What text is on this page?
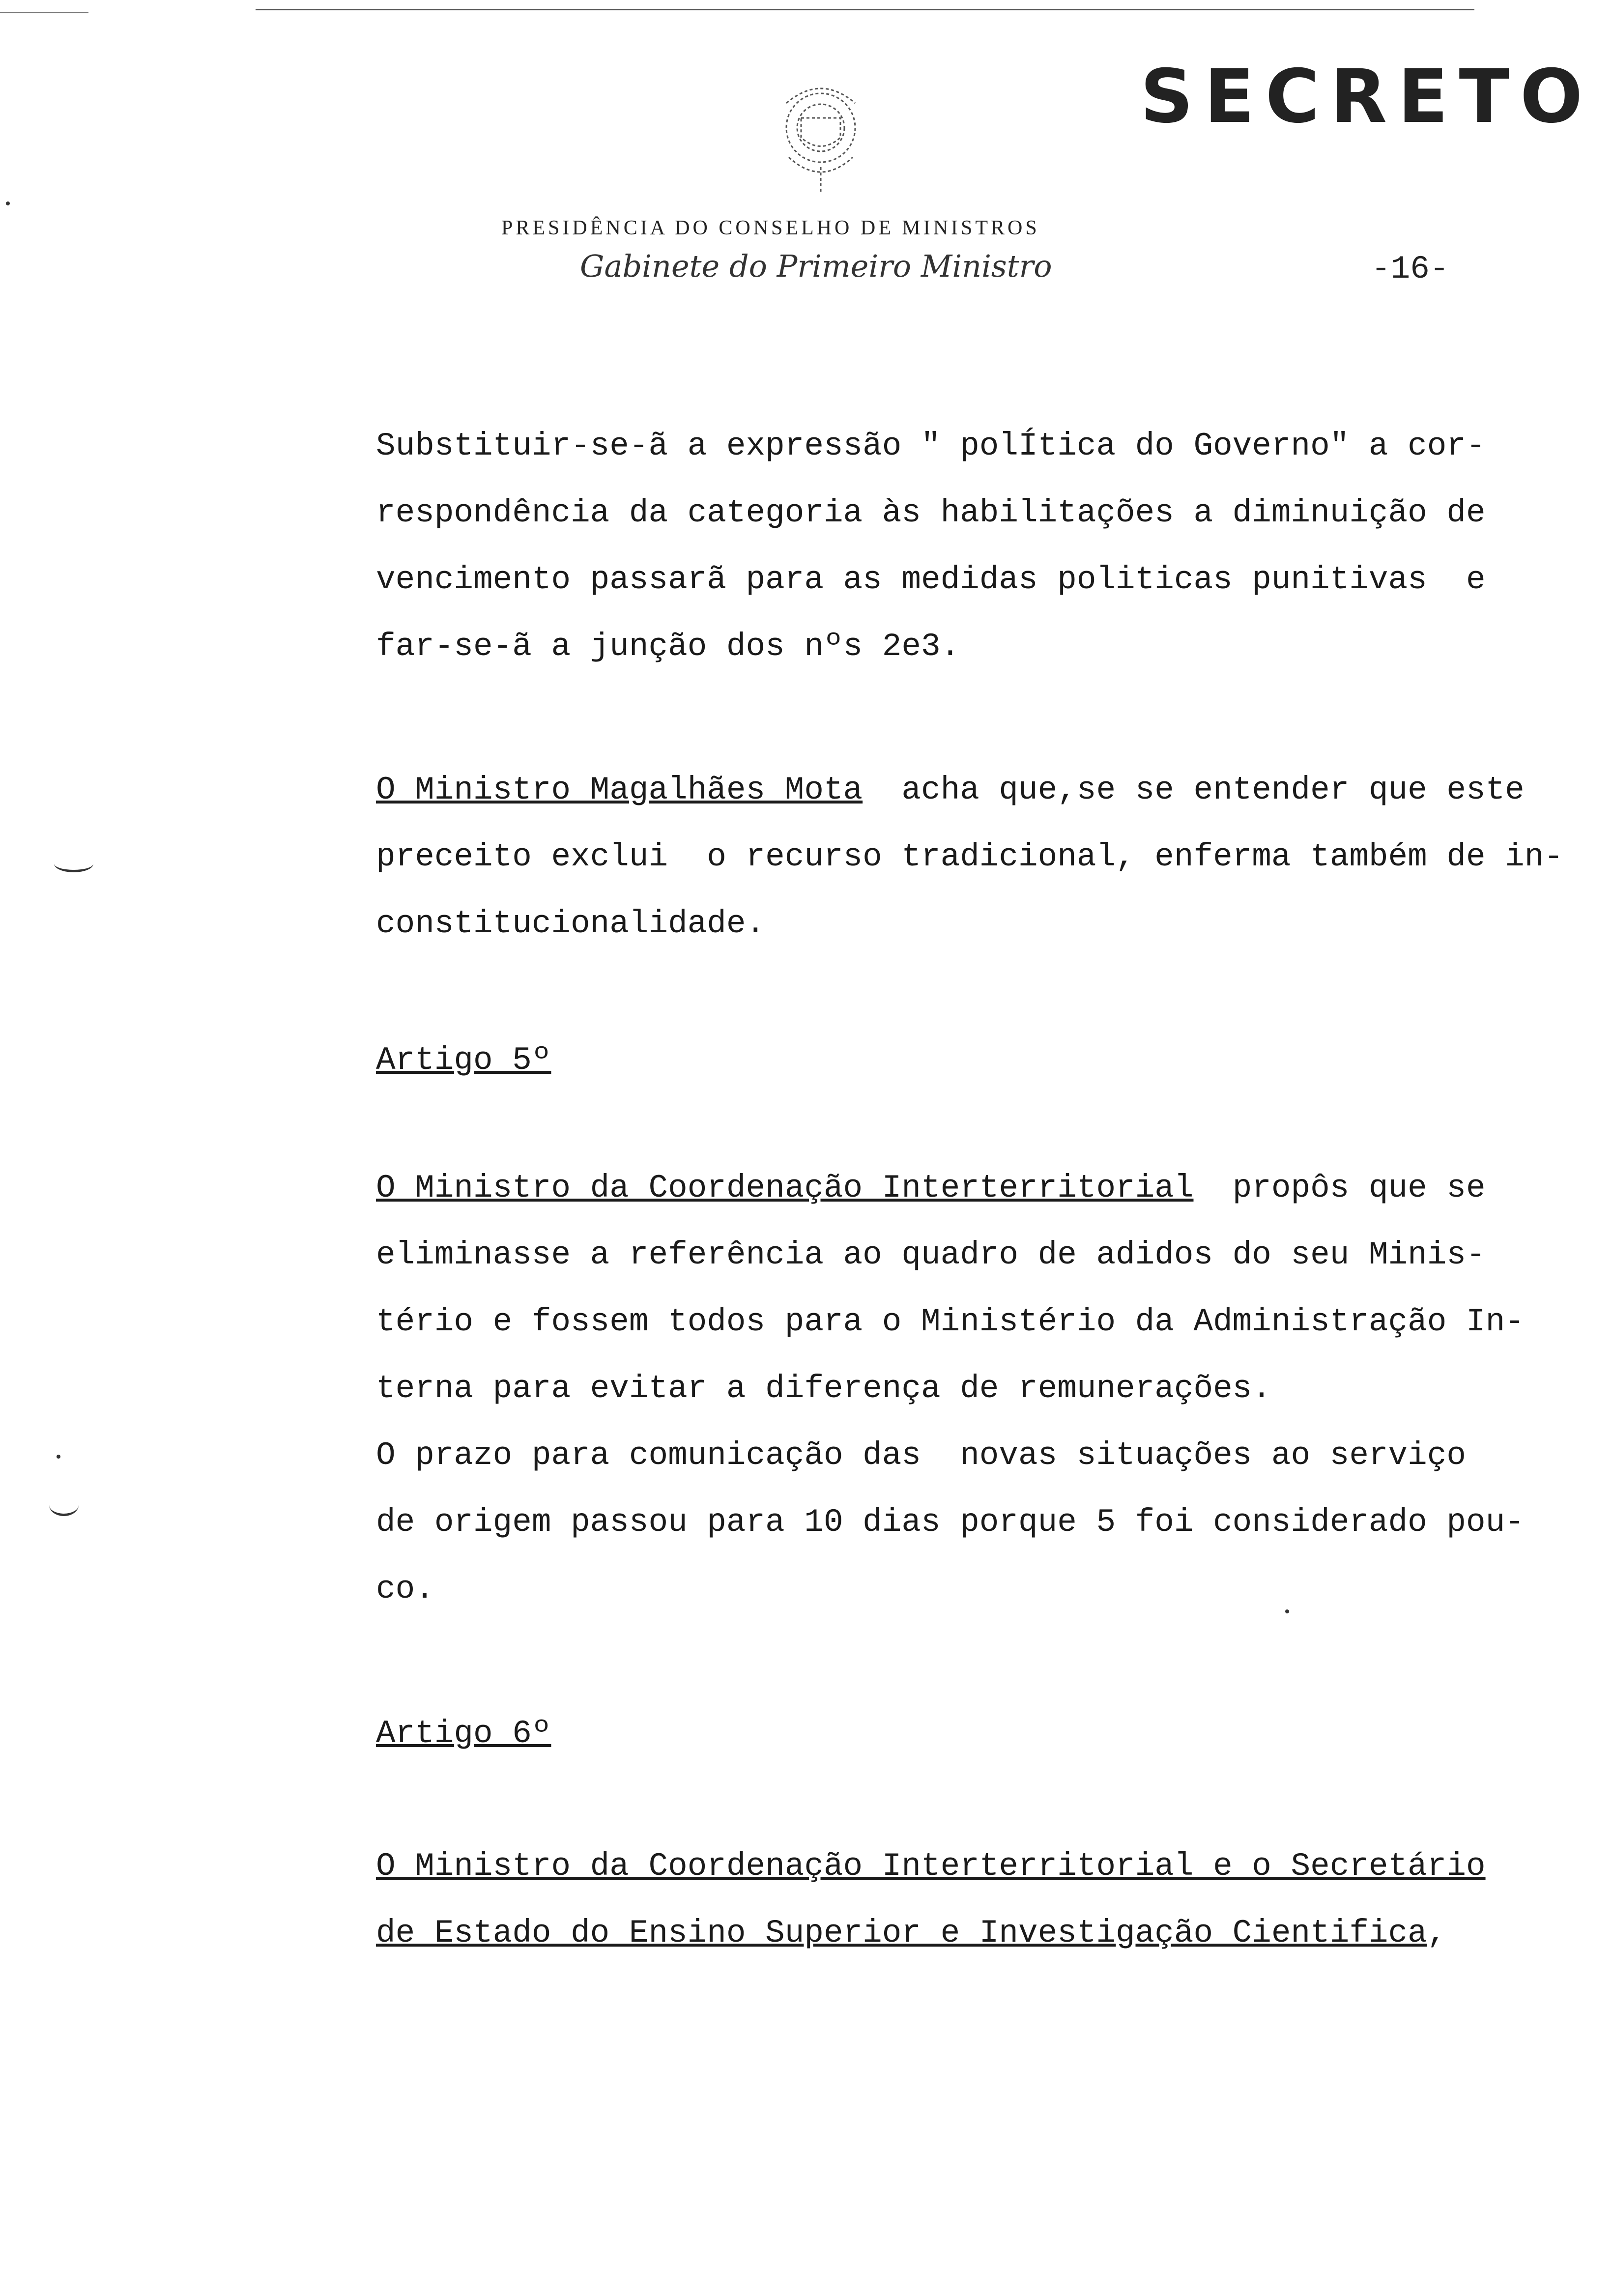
SECRETO
PRESIDÊNCIA DO CONSELHO DE MINISTROS
Gabinete do Primeiro Ministro	-16-

Substituir-se-ã a expressão " polÍtica do Governo" a cor-
respondência da categoria às habilitações a diminuição de
vencimento passarã para as medidas politicas punitivas  e
far-se-ã a junção dos nºs 2e3.

O Ministro Magalhães Mota  acha que,se se entender que este
preceito exclui  o recurso tradicional, enferma também de in-
constitucionalidade.

Artigo 5º

O Ministro da Coordenação Interterritorial  propôs que se
eliminasse a referência ao quadro de adidos do seu Minis-
tério e fossem todos para o Ministério da Administração In-
terna para evitar a diferença de remunerações.
O prazo para comunicação das  novas situações ao serviço
de origem passou para 10 dias porque 5 foi considerado pou-
co.

Artigo 6º

O Ministro da Coordenação Interterritorial e o Secretário
de Estado do Ensino Superior e Investigação Cientifica,
